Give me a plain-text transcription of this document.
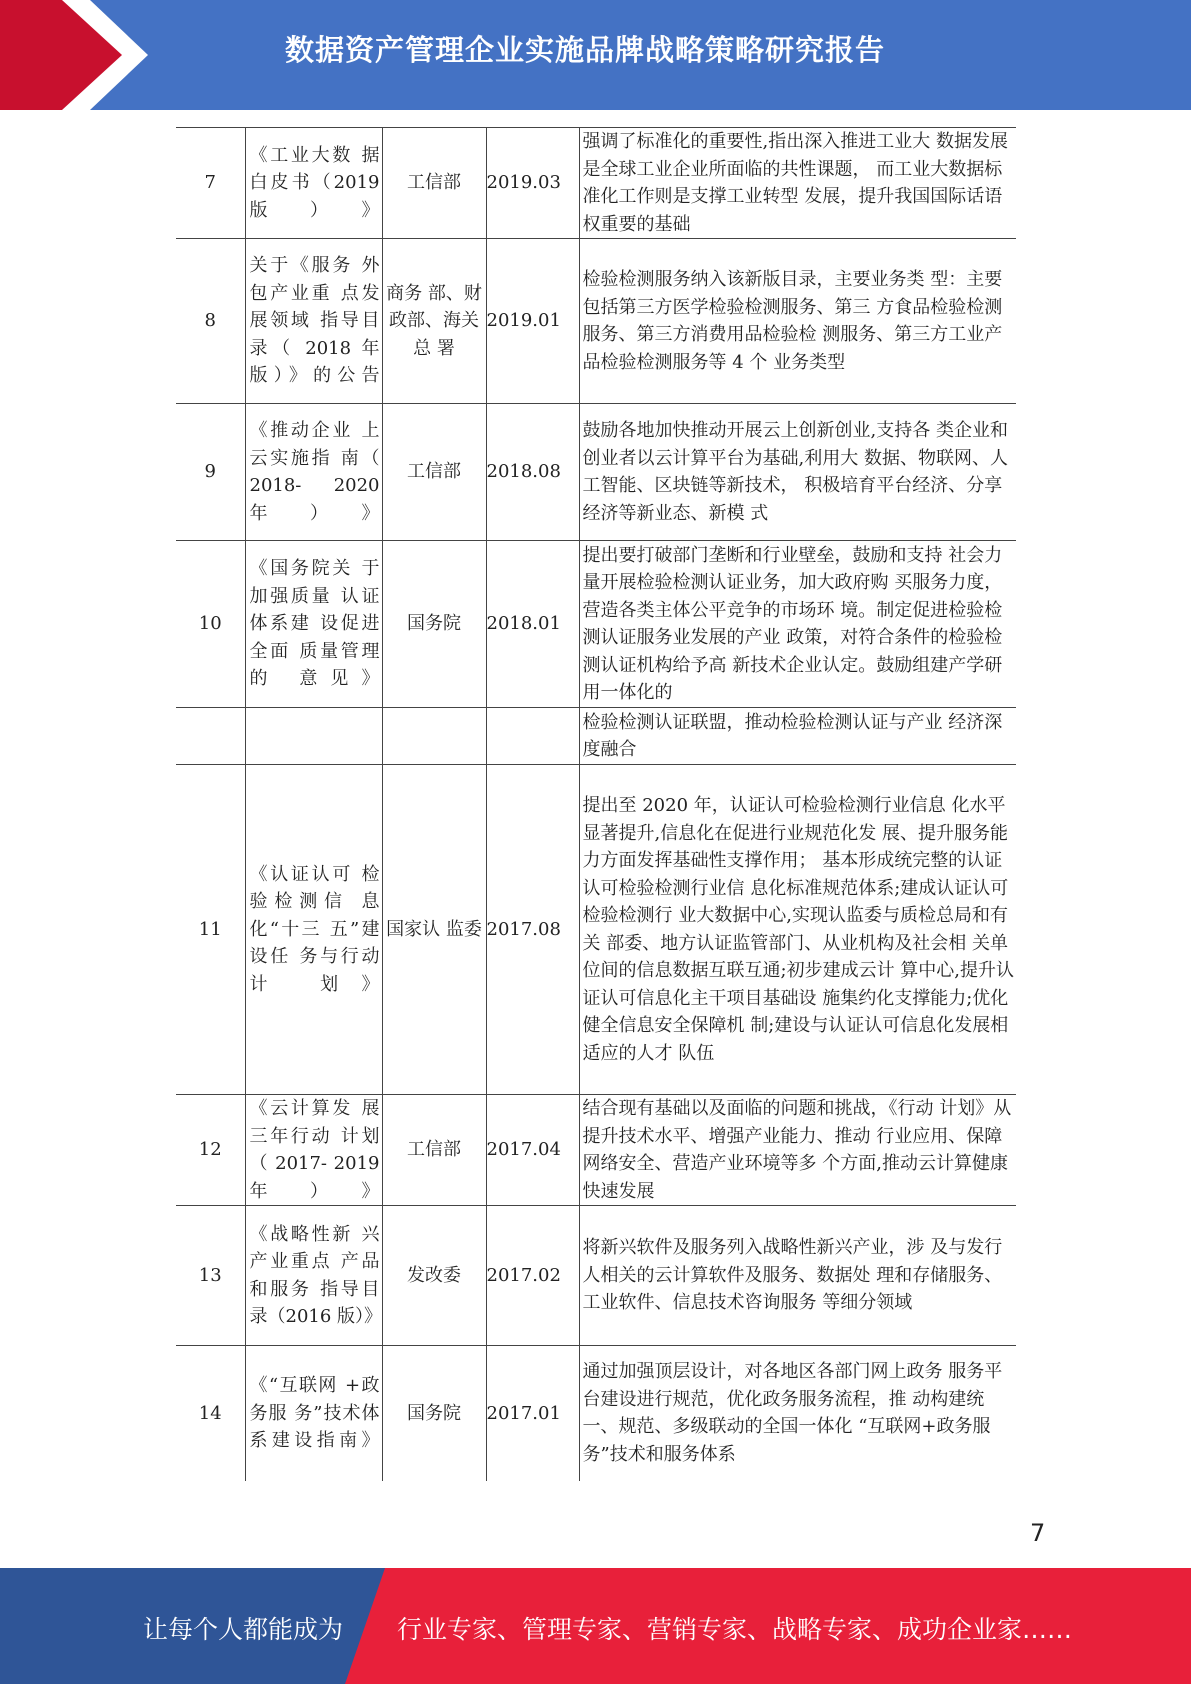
数据资产管理企业实施品牌战略策略研究报告
7	《工业大数 据白皮书（2019 版）》	工信部	2019.03	强调了标准化的重要性,指出深入推进工业大 数据发展是全球工业企业所面临的共性课题， 而工业大数据标准化工作则是支撑工业转型 发展，提升我国国际话语权重要的基础
8	关于《服务 外包产业重 点发展领域 指导目录（ 2018 年版）》的公告	商务 部、财 政部、海关总 署	2019.01	检验检测服务纳入该新版目录，主要业务类 型：主要包括第三方医学检验检测服务、第三 方食品检验检测服务、第三方消费用品检验检 测服务、第三方工业产品检验检测服务等 4 个 业务类型
9	《推动企业 上云实施指 南（ 2018- 2020 年）》	工信部	2018.08	鼓励各地加快推动开展云上创新创业,支持各 类企业和创业者以云计算平台为基础,利用大 数据、物联网、人工智能、区块链等新技术， 积极培育平台经济、分享经济等新业态、新模 式
10	《国务院关 于加强质量 认证体系建 设促进全面 质量管理的 意见》	国务院	2018.01	提出要打破部门垄断和行业壁垒，鼓励和支持 社会力量开展检验检测认证业务，加大政府购 买服务力度，营造各类主体公平竞争的市场环 境。制定促进检验检测认证服务业发展的产业 政策，对符合条件的检验检测认证机构给予高 新技术企业认定。鼓励组建产学研用一体化的
				检验检测认证联盟，推动检验检测认证与产业 经济深度融合
11	《认证认可 检验检测信 息化“十三 五”建设任 务与行动计 划》	国家认 监委	2017.08	提出至 2020 年，认证认可检验检测行业信息 化水平显著提升,信息化在促进行业规范化发 展、提升服务能力方面发挥基础性支撑作用； 基本形成统完整的认证认可检验检测行业信 息化标准规范体系;建成认证认可检验检测行 业大数据中心,实现认监委与质检总局和有关 部委、地方认证监管部门、从业机构及社会相 关单位间的信息数据互联互通;初步建成云计 算中心,提升认证认可信息化主干项目基础设 施集约化支撑能力;优化健全信息安全保障机 制;建设与认证认可信息化发展相适应的人才 队伍
12	《云计算发 展三年行动 计划（ 2017- 2019 年）》	工信部	2017.04	结合现有基础以及面临的问题和挑战，《行动 计划》从提升技术水平、增强产业能力、推动 行业应用、保障网络安全、营造产业环境等多 个方面,推动云计算健康快速发展
13	《战略性新 兴产业重点 产品和服务 指导目录（2016 版）》	发改委	2017.02	将新兴软件及服务列入战略性新兴产业，涉 及与发行人相关的云计算软件及服务、数据处 理和存储服务、工业软件、信息技术咨询服务 等细分领域
14	《“互联网 +政务服 务”技术体 系建设指南》	国务院	2017.01	通过加强顶层设计，对各地区各部门网上政务 服务平台建设进行规范，优化政务服务流程，推 动构建统一、规范、多级联动的全国一体化 “互联网+政务服务”技术和服务体系
7
让每个人都能成为 行业专家、管理专家、营销专家、战略专家、成功企业家……
